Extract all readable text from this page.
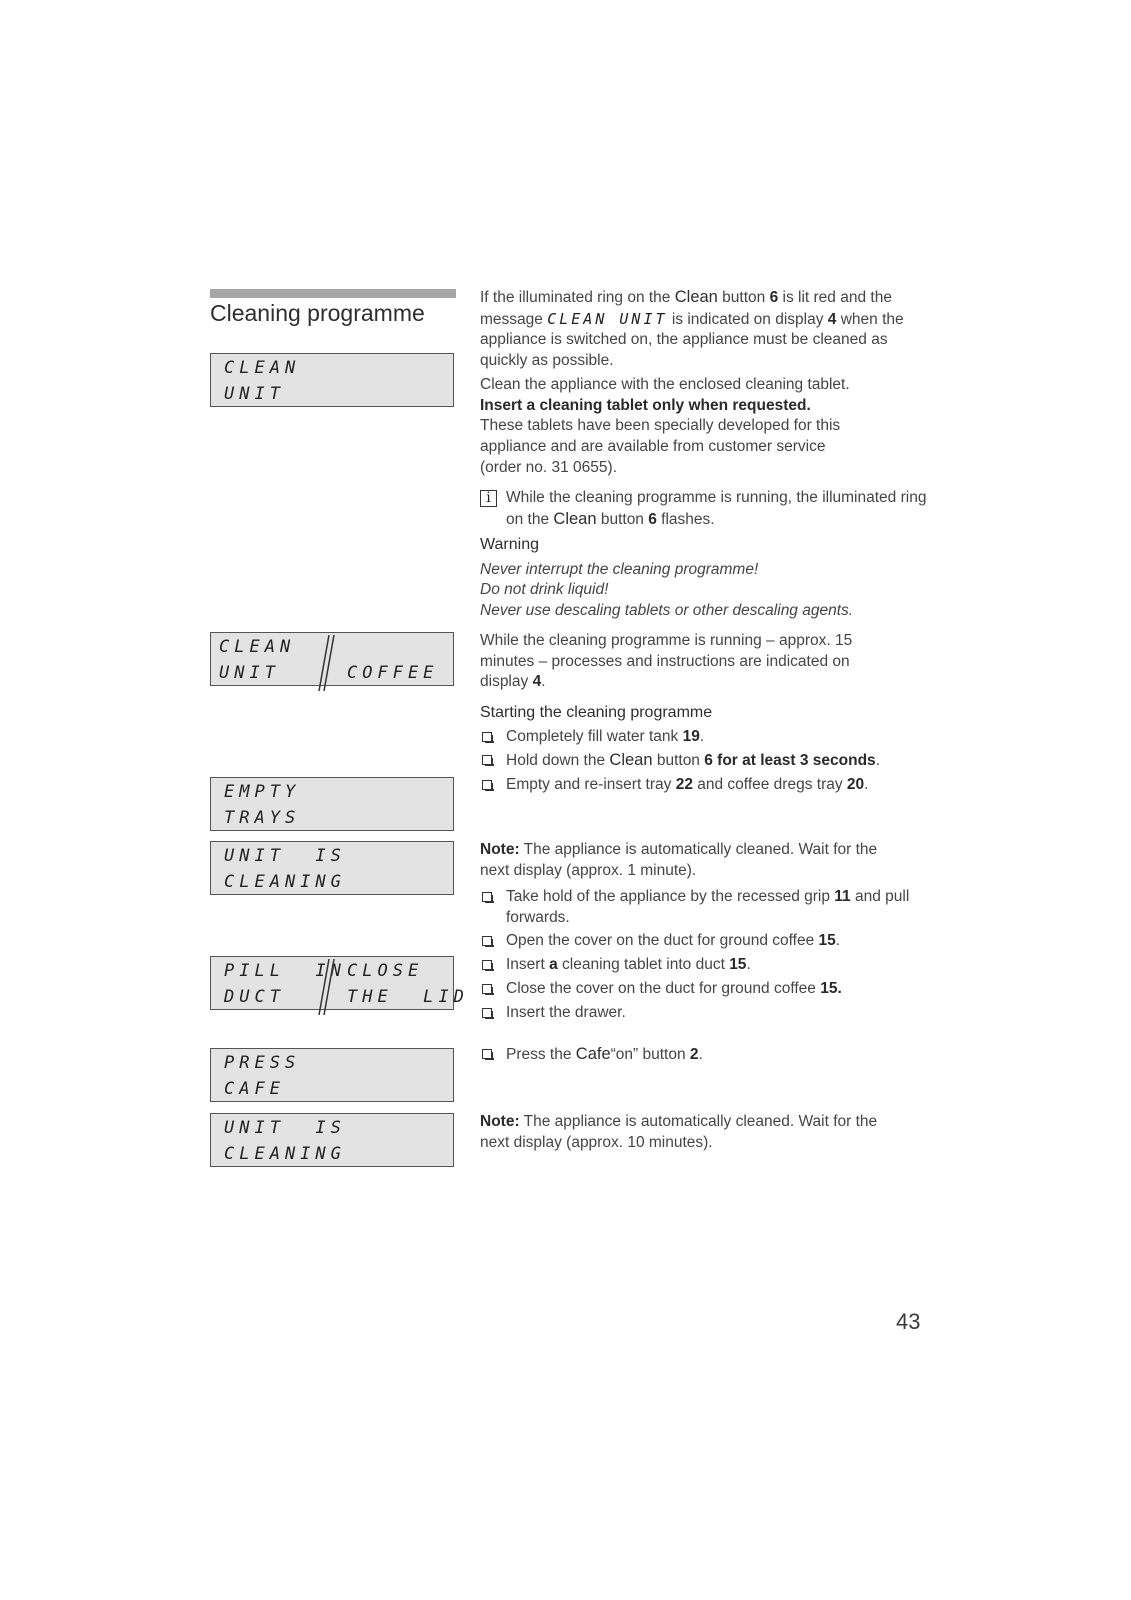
Cleaning programme
CLEAN
UNIT
CLEAN
UNIT	COFFEE
EMPTY
TRAYS
UNIT  IS
CLEANING
PILL  IN
DUCT
CLOSE
THE  LID
PRESS
CAFE
UNIT  IS
CLEANING

If the illuminated ring on the Clean button 6 is lit red and the message CLEAN UNIT is indicated on display 4 when the appliance is switched on, the appliance must be cleaned as quickly as possible.

Clean the appliance with the enclosed cleaning tablet.

Insert a cleaning tablet only when requested.

These tablets have been specially developed for this appliance and are available from customer service (order no. 31 0655).

i While the cleaning programme is running, the illuminated ring on the Clean button 6 flashes.

Warning

Never interrupt the cleaning programme!

Do not drink liquid!

Never use descaling tablets or other descaling agents.

While the cleaning programme is running – approx. 15 minutes – processes and instructions are indicated on display 4.

Starting the cleaning programme

Completely fill water tank 19.
Hold down the Clean button 6 for at least 3 seconds.
Empty and re-insert tray 22 and coffee dregs tray 20.

Note: The appliance is automatically cleaned. Wait for the next display (approx. 1 minute).

Take hold of the appliance by the recessed grip 11 and pull forwards.
Open the cover on the duct for ground coffee 15.
Insert a cleaning tablet into duct 15.
Close the cover on the duct for ground coffee 15.
Insert the drawer.
Press the Cafe“on” button 2.

Note: The appliance is automatically cleaned. Wait for the next display (approx. 10 minutes).

43
